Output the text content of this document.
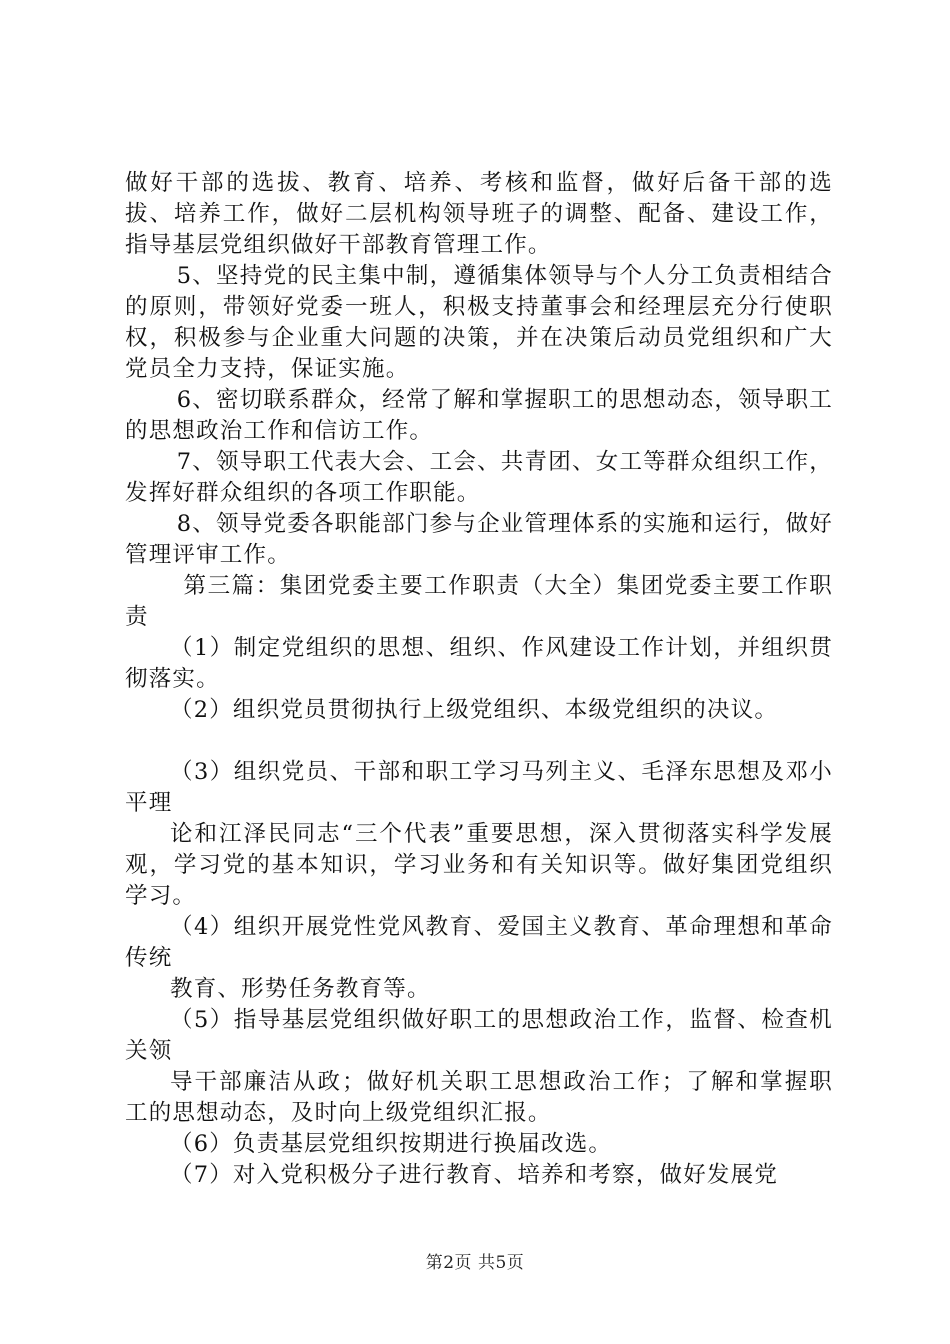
做好干部的选拔、教育、培养、考核和监督，做好后备干部的选拔、培养工作，做好二层机构领导班子的调整、配备、建设工作，指导基层党组织做好干部教育管理工作。

5、坚持党的民主集中制，遵循集体领导与个人分工负责相结合的原则，带领好党委一班人，积极支持董事会和经理层充分行使职权，积极参与企业重大问题的决策，并在决策后动员党组织和广大党员全力支持，保证实施。

6、密切联系群众，经常了解和掌握职工的思想动态，领导职工的思想政治工作和信访工作。

7、领导职工代表大会、工会、共青团、女工等群众组织工作，发挥好群众组织的各项工作职能。

8、领导党委各职能部门参与企业管理体系的实施和运行，做好管理评审工作。

第三篇：集团党委主要工作职责（大全）集团党委主要工作职责

（1）制定党组织的思想、组织、作风建设工作计划，并组织贯彻落实。

（2）组织党员贯彻执行上级党组织、本级党组织的决议。

（3）组织党员、干部和职工学习马列主义、毛泽东思想及邓小平理

论和江泽民同志“三个代表”重要思想，深入贯彻落实科学发展观，学习党的基本知识，学习业务和有关知识等。做好集团党组织学习。

（4）组织开展党性党风教育、爱国主义教育、革命理想和革命传统

教育、形势任务教育等。

（5）指导基层党组织做好职工的思想政治工作，监督、检查机关领

导干部廉洁从政；做好机关职工思想政治工作；了解和掌握职工的思想动态，及时向上级党组织汇报。

（6）负责基层党组织按期进行换届改选。

（7）对入党积极分子进行教育、培养和考察，做好发展党

第2页 共5页
